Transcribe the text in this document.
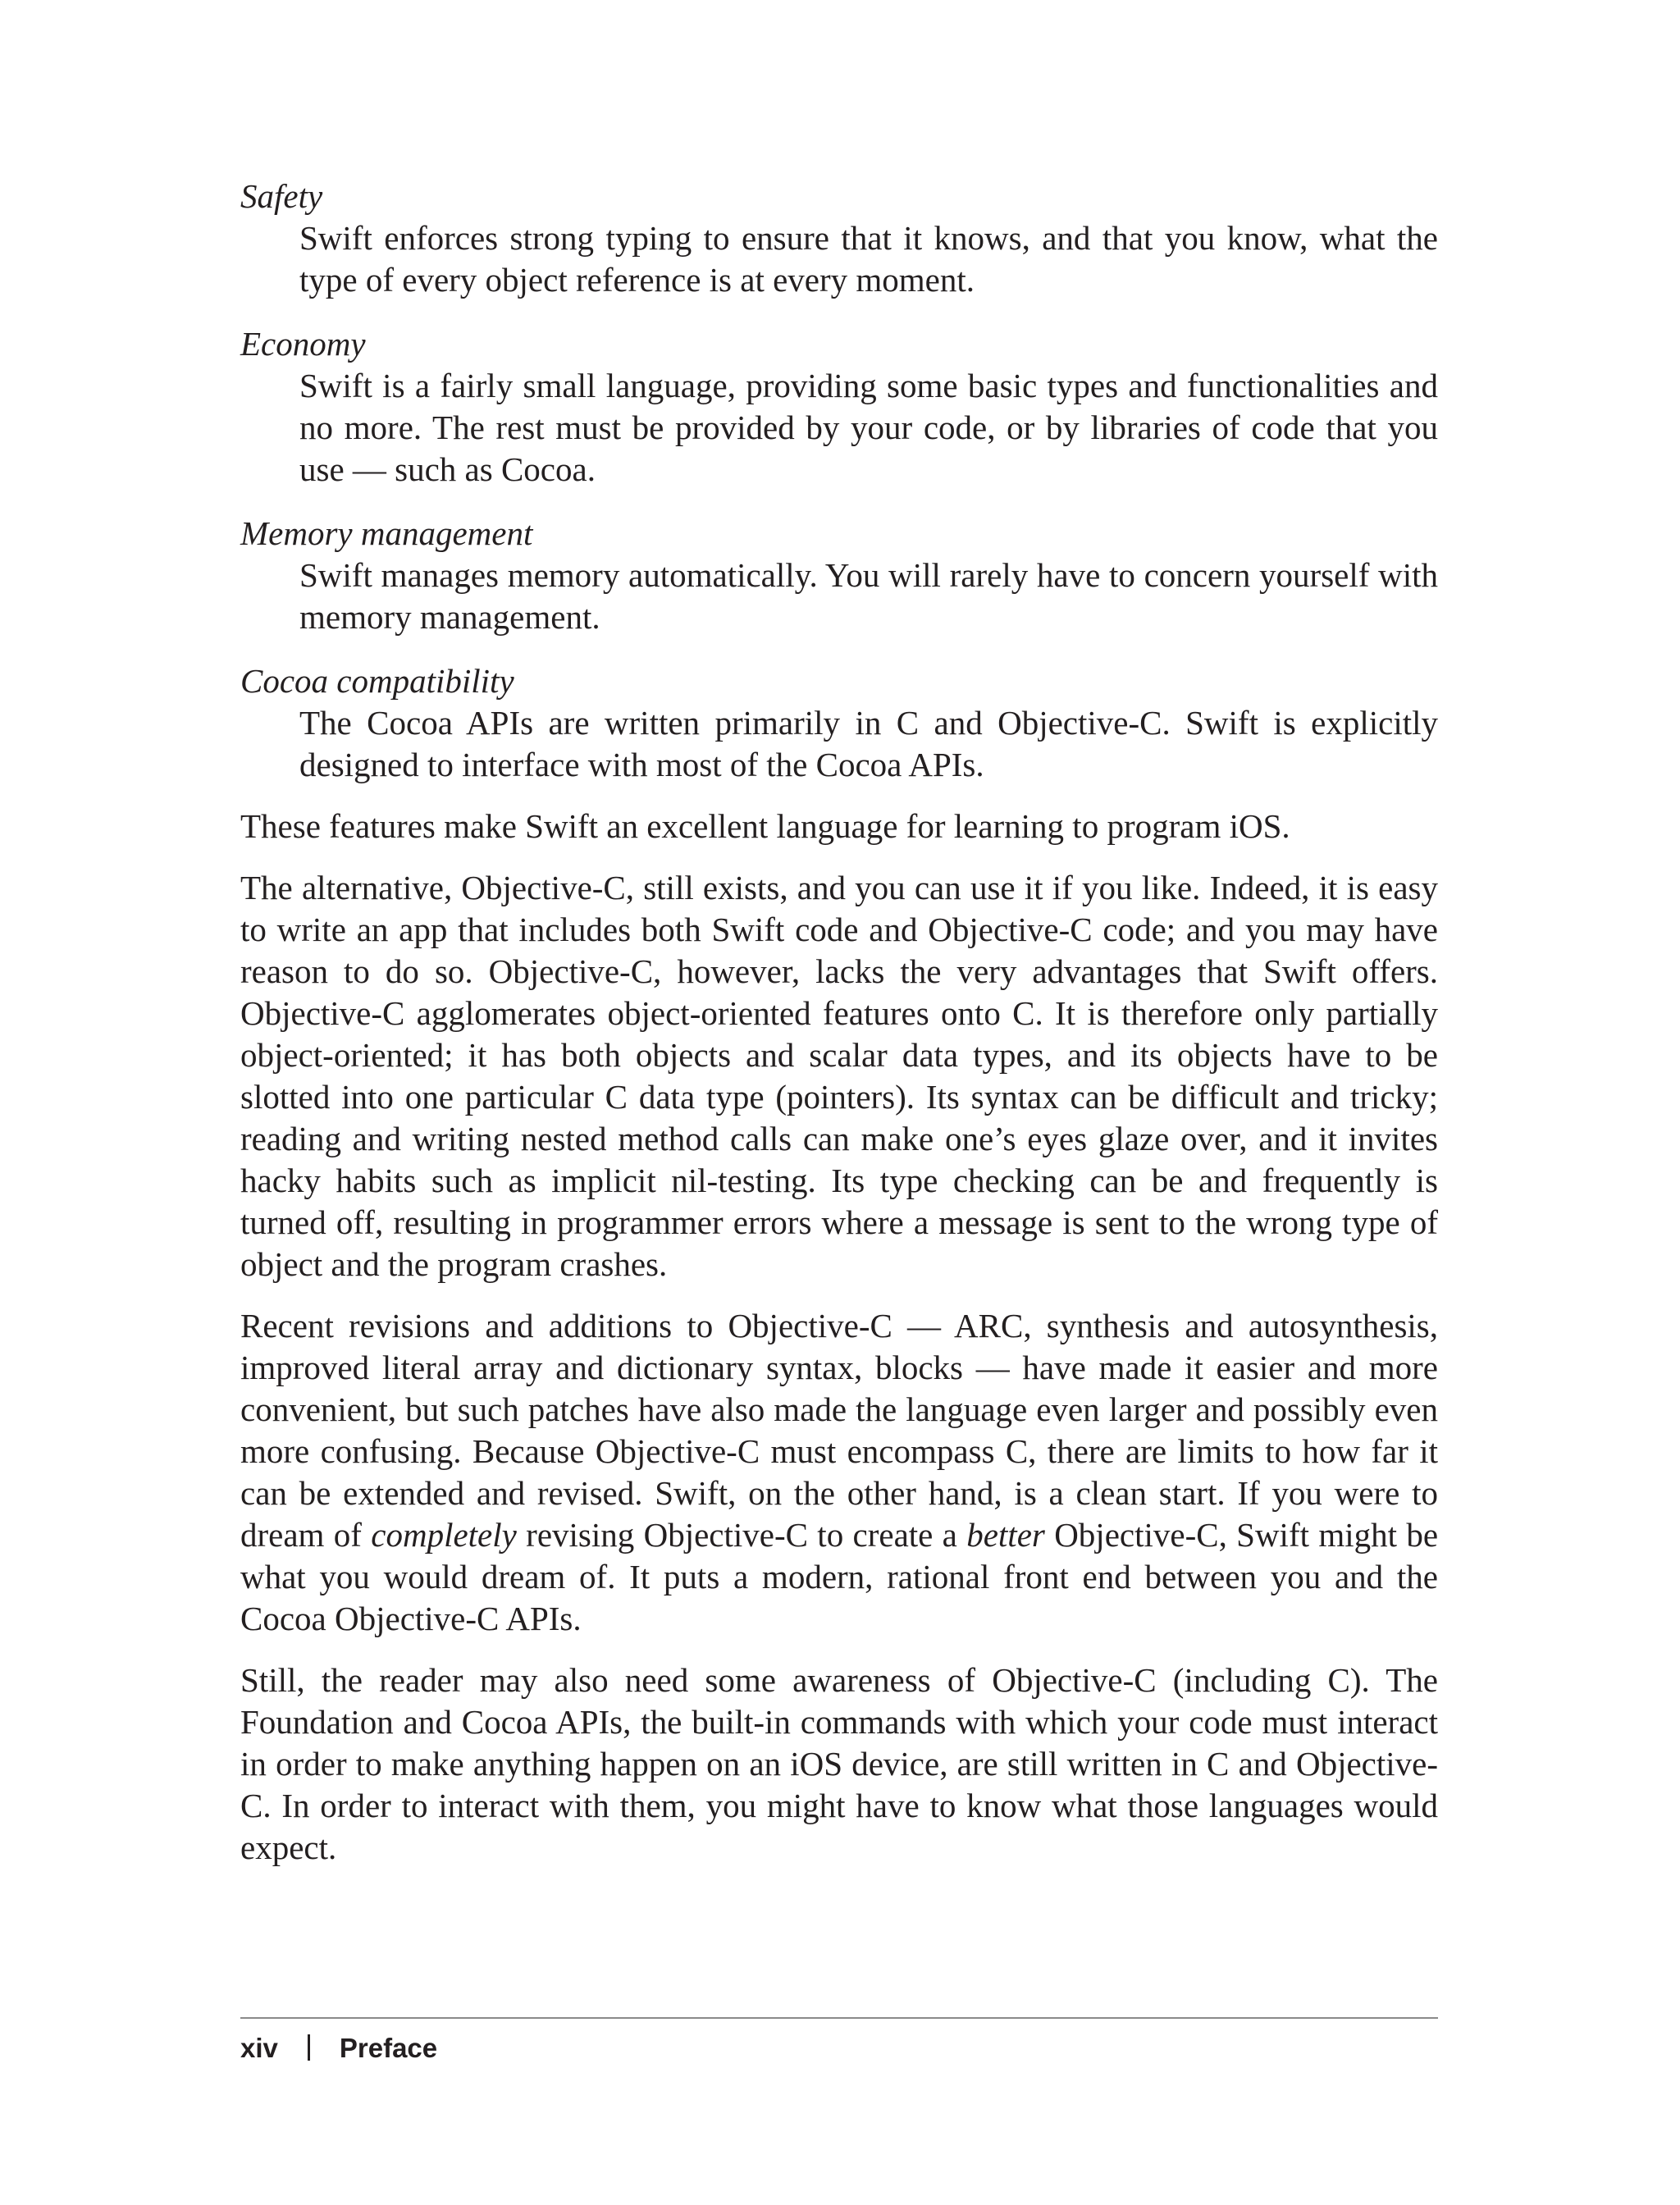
Safety
Swift enforces strong typing to ensure that it knows, and that you know, what the type of every object reference is at every moment.
Economy
Swift is a fairly small language, providing some basic types and functionalities and no more. The rest must be provided by your code, or by libraries of code that you use — such as Cocoa.
Memory management
Swift manages memory automatically. You will rarely have to concern yourself with memory management.
Cocoa compatibility
The Cocoa APIs are written primarily in C and Objective-C. Swift is explicitly designed to interface with most of the Cocoa APIs.

These features make Swift an excellent language for learning to program iOS.

The alternative, Objective-C, still exists, and you can use it if you like. Indeed, it is easy to write an app that includes both Swift code and Objective-C code; and you may have reason to do so. Objective-C, however, lacks the very advantages that Swift offers. Objective-C agglomerates object-oriented features onto C. It is therefore only partially object-oriented; it has both objects and scalar data types, and its objects have to be slotted into one particular C data type (pointers). Its syntax can be difficult and tricky; reading and writing nested method calls can make one’s eyes glaze over, and it invites hacky habits such as implicit nil-testing. Its type checking can be and frequently is turned off, resulting in programmer errors where a message is sent to the wrong type of object and the program crashes.

Recent revisions and additions to Objective-C — ARC, synthesis and autosynthesis, improved literal array and dictionary syntax, blocks — have made it easier and more convenient, but such patches have also made the language even larger and possibly even more confusing. Because Objective-C must encompass C, there are limits to how far it can be extended and revised. Swift, on the other hand, is a clean start. If you were to dream of completely revising Objective-C to create a better Objective-C, Swift might be what you would dream of. It puts a modern, rational front end between you and the Cocoa Objective-C APIs.

Still, the reader may also need some awareness of Objective-C (including C). The Foundation and Cocoa APIs, the built-in commands with which your code must interact in order to make anything happen on an iOS device, are still written in C and Objective-C. In order to interact with them, you might have to know what those languages would expect.

xiv Preface
